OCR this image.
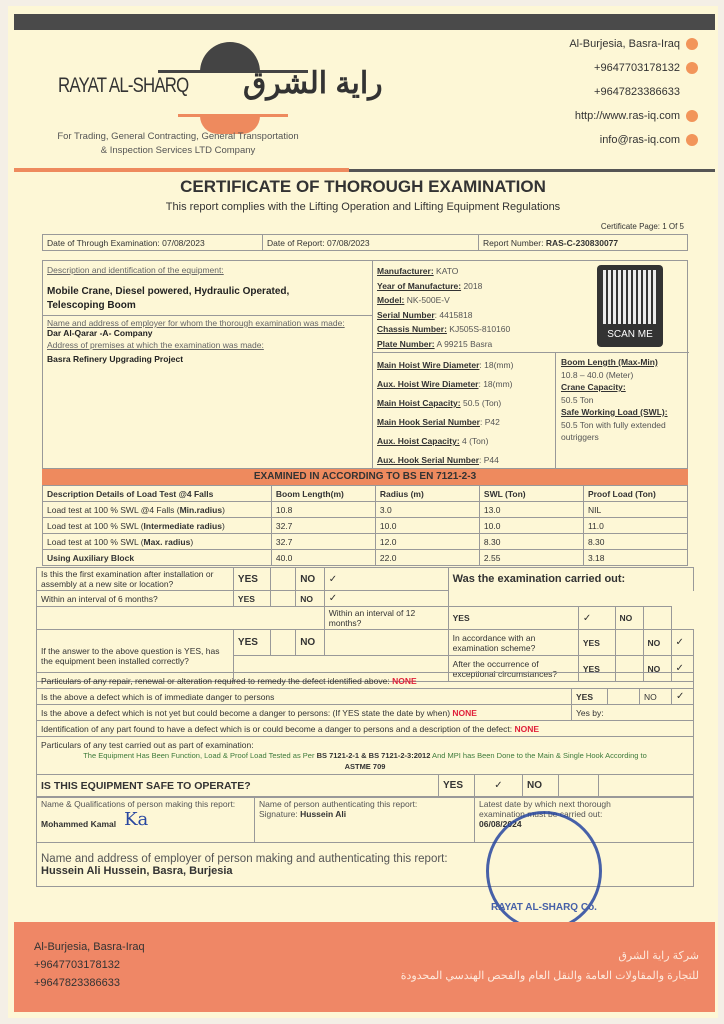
RAYAT AL-SHARQ راية الشرق
For Trading, General Contracting, General Transportation
& Inspection Services LTD Company
Al-Burjesia, Basra-Iraq
+9647703178132
+9647823386633
http://www.ras-iq.com
info@ras-iq.com
CERTIFICATE OF THOROUGH EXAMINATION
This report complies with the Lifting Operation and Lifting Equipment Regulations
Certificate Page: 1 Of 5
Date of Through Examination: 07/08/2023	Date of Report: 07/08/2023	Report Number: RAS-C-230830077
Description and identification of the equipment:
Mobile Crane, Diesel powered, Hydraulic Operated, Telescoping Boom
Name and address of employer for whom the thorough examination was made:
Dar Al-Qarar -A- Company
Address of premises at which the examination was made:
Basra Refinery Upgrading Project
Manufacturer: KATO
Year of Manufacture: 2018
Model: NK-500E-V
Serial Number: 4415818
Chassis Number: KJ505S-810160
Plate Number: A 99215 Basra
SCAN ME
Main Hoist Wire Diameter: 18(mm)
Aux. Hoist Wire Diameter: 18(mm)
Main Hoist Capacity: 50.5 (Ton)
Main Hook Serial Number: P42
Aux. Hoist Capacity: 4 (Ton)
Aux. Hook Serial Number: P44
Boom Length (Max-Min)
10.8 – 40.0 (Meter)
Crane Capacity:
50.5 Ton
Safe Working Load (SWL):
50.5 Ton with fully extended outriggers
EXAMINED IN ACCORDING TO BS EN 7121-2-3
Description Details of Load Test @4 Falls	Boom Length(m)	Radius (m)	SWL (Ton)	Proof Load (Ton)
Load test at 100 % SWL @4 Falls (Min.radius)	10.8	3.0	13.0	NIL
Load test at 100 % SWL (Intermediate radius)	32.7	10.0	10.0	11.0
Load test at 100 % SWL (Max. radius)	32.7	12.0	8.30	8.30
Using Auxiliary Block	40.0	22.0	2.55	3.18
Is this the first examination after installation or assembly at a new site or location?	YES		NO	✓	Was the examination carried out:				
Within an interval of 6 months?	YES		NO	✓					
				Within an interval of 12 months?	YES	✓	NO		
If the answer to the above question is YES, has the equipment been installed correctly?	YES		NO		In accordance with an examination scheme?	YES		NO	✓
					After the occurrence of exceptional circumstances?	YES		NO	✓
Particulars of any repair, renewal or alteration required to remedy the defect identified above: NONE				
Is the above a defect which is of immediate danger to persons	YES		NO	✓
Is the above a defect which is not yet but could become a danger to persons: (If YES state the date by when) NONE	Yes by:			
Identification of any part found to have a defect which is or could become a danger to persons and a description of the defect: NONE				

Particulars of any test carried out as part of examination:
The Equipment Has Been Function, Load & Proof Load Tested as Per BS 7121-2-1 & BS 7121-2-3:2012 And MPI has Been Done to the Main & Single Hook According to
ASTME 709				
IS THIS EQUIPMENT SAFE TO OPERATE?	YES	✓	NO		
Name & Qualifications of person making this report:
Mohammed Kamal Ka	
Name of person authenticating this report:
Signature: Hussein Ali	
Latest date by which next thorough examination must be carried out:
06/08/2024

Name and address of employer of person making and authenticating this report:
Hussein Ali Hussein, Basra, Burjesia
RAYAT AL-SHARQ Co.
Al-Burjesia, Basra-Iraq
+9647703178132
+9647823386633
شركة راية الشرق
للتجارة والمقاولات العامة والنقل العام والفحص الهندسي المحدودة
